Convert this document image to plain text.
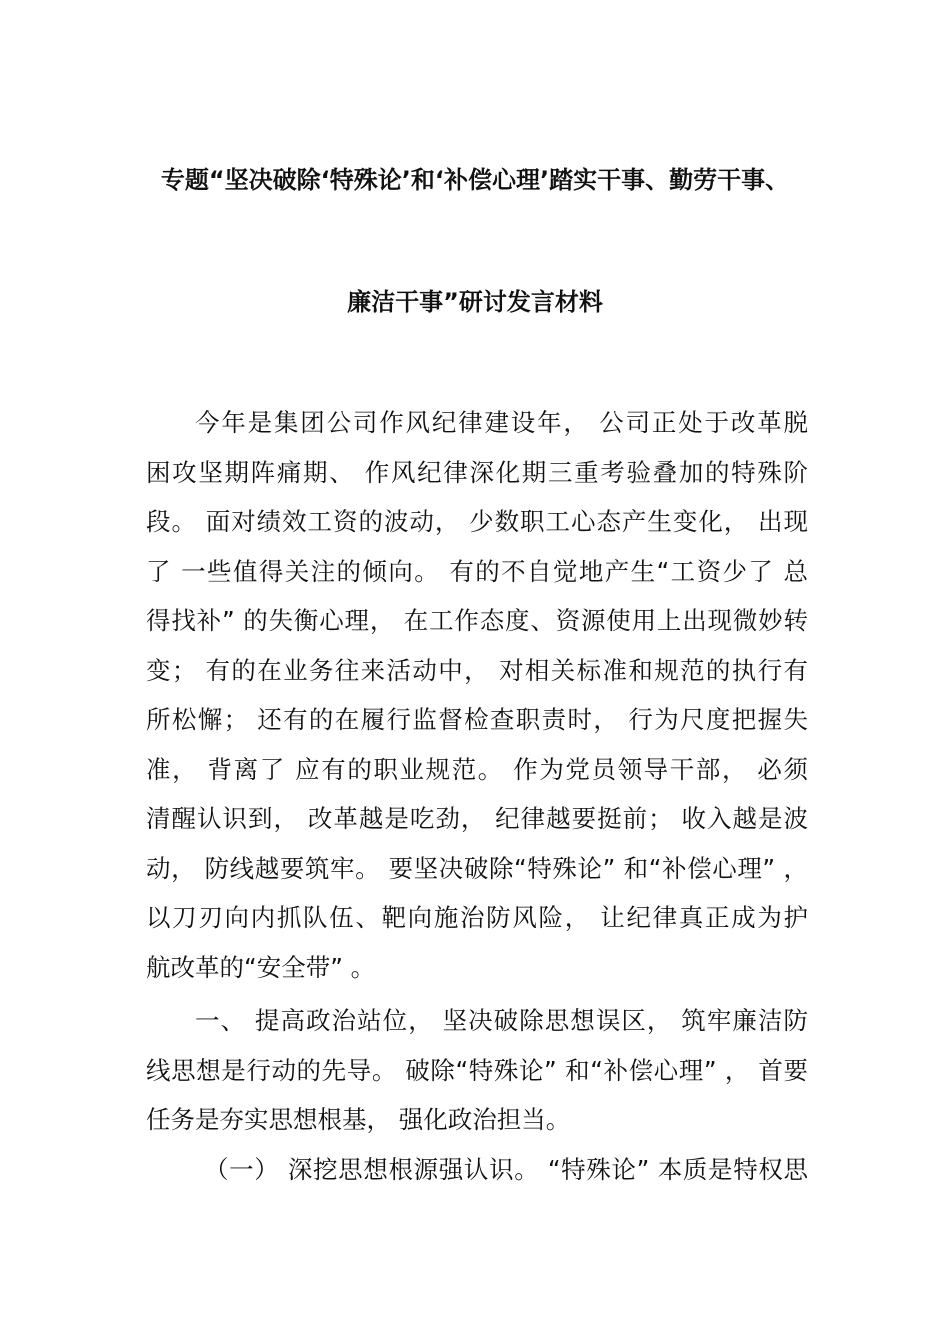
专题“坚决破除‘特殊论’和‘补偿心理’踏实干事、勤劳干事、
廉洁干事”研讨发言材料
今年是集团公司作风纪律建设年， 公司正处于改革脱
困攻坚期阵痛期、 作风纪律深化期三重考验叠加的特殊阶
段。 面对绩效工资的波动， 少数职工心态产生变化， 出现
了 一些值得关注的倾向。 有的不自觉地产生“工资少了 总
得找补” 的失衡心理， 在工作态度、资源使用上出现微妙转
变； 有的在业务往来活动中， 对相关标准和规范的执行有
所松懈； 还有的在履行监督检查职责时， 行为尺度把握失
准， 背离了 应有的职业规范。 作为党员领导干部， 必须
清醒认识到， 改革越是吃劲， 纪律越要挺前； 收入越是波
动， 防线越要筑牢。 要坚决破除“特殊论” 和“补偿心理” ，
以刀刃向内抓队伍、靶向施治防风险， 让纪律真正成为护
航改革的“安全带” 。
一、 提高政治站位， 坚决破除思想误区， 筑牢廉洁防
线思想是行动的先导。 破除“特殊论” 和“补偿心理” ， 首要
任务是夯实思想根基， 强化政治担当。
（一） 深挖思想根源强认识。 “特殊论” 本质是特权思
